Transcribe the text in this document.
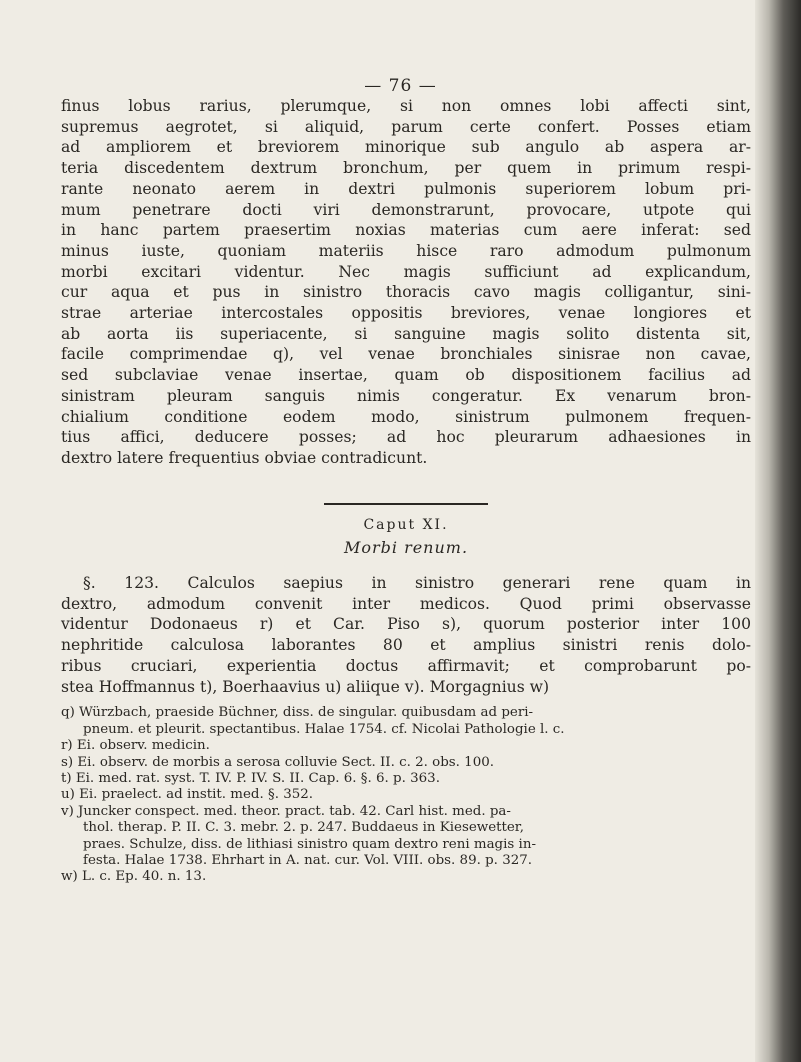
— 76 —

finus lobus rarius, plerumque, si non omnes lobi affecti sint,
supremus aegrotet, si aliquid, parum certe confert. Posses etiam
ad ampliorem et breviorem minorique sub angulo ab aspera ar-
teria discedentem dextrum bronchum, per quem in primum respi-
rante neonato aerem in dextri pulmonis superiorem lobum pri-
mum penetrare docti viri demonstrarunt, provocare, utpote qui
in hanc partem praesertim noxias materias cum aere inferat: sed
minus iuste, quoniam materiis hisce raro admodum pulmonum
morbi excitari videntur. Nec magis sufficiunt ad explicandum,
cur aqua et pus in sinistro thoracis cavo magis colligantur, sini-
strae arteriae intercostales oppositis breviores, venae longiores et
ab aorta iis superiacente, si sanguine magis solito distenta sit,
facile comprimendae q), vel venae bronchiales sinisrae non cavae,
sed subclaviae venae insertae, quam ob dispositionem facilius ad
sinistram pleuram sanguis nimis congeratur. Ex venarum bron-
chialium conditione eodem modo, sinistrum pulmonem frequen-
tius affici, deducere posses; ad hoc pleurarum adhaesiones in
dextro latere frequentius obviae contradicunt.

Caput XI.

Morbi renum.

§. 123. Calculos saepius in sinistro generari rene quam in
dextro, admodum convenit inter medicos. Quod primi observasse
videntur Dodonaeus r) et Car. Piso s), quorum posterior inter 100
nephritide calculosa laborantes 80 et amplius sinistri renis dolo-
ribus cruciari, experientia doctus affirmavit; et comprobarunt po-
stea Hoffmannus t), Boerhaavius u) aliique v). Morgagnius w)

q) Würzbach, praeside Büchner, diss. de singular. quibusdam ad peri-
pneum. et pleurit. spectantibus. Halae 1754. cf. Nicolai Pathologie l. c.
r) Ei. observ. medicin.
s) Ei. observ. de morbis a serosa colluvie Sect. II. c. 2. obs. 100.
t) Ei. med. rat. syst. T. IV. P. IV. S. II. Cap. 6. §. 6. p. 363.
u) Ei. praelect. ad instit. med. §. 352.
v) Juncker conspect. med. theor. pract. tab. 42. Carl hist. med. pa-
thol. therap. P. II. C. 3. mebr. 2. p. 247. Buddaeus in Kiesewetter,
praes. Schulze, diss. de lithiasi sinistro quam dextro reni magis in-
festa. Halae 1738. Ehrhart in A. nat. cur. Vol. VIII. obs. 89. p. 327.
w) L. c. Ep. 40. n. 13.
